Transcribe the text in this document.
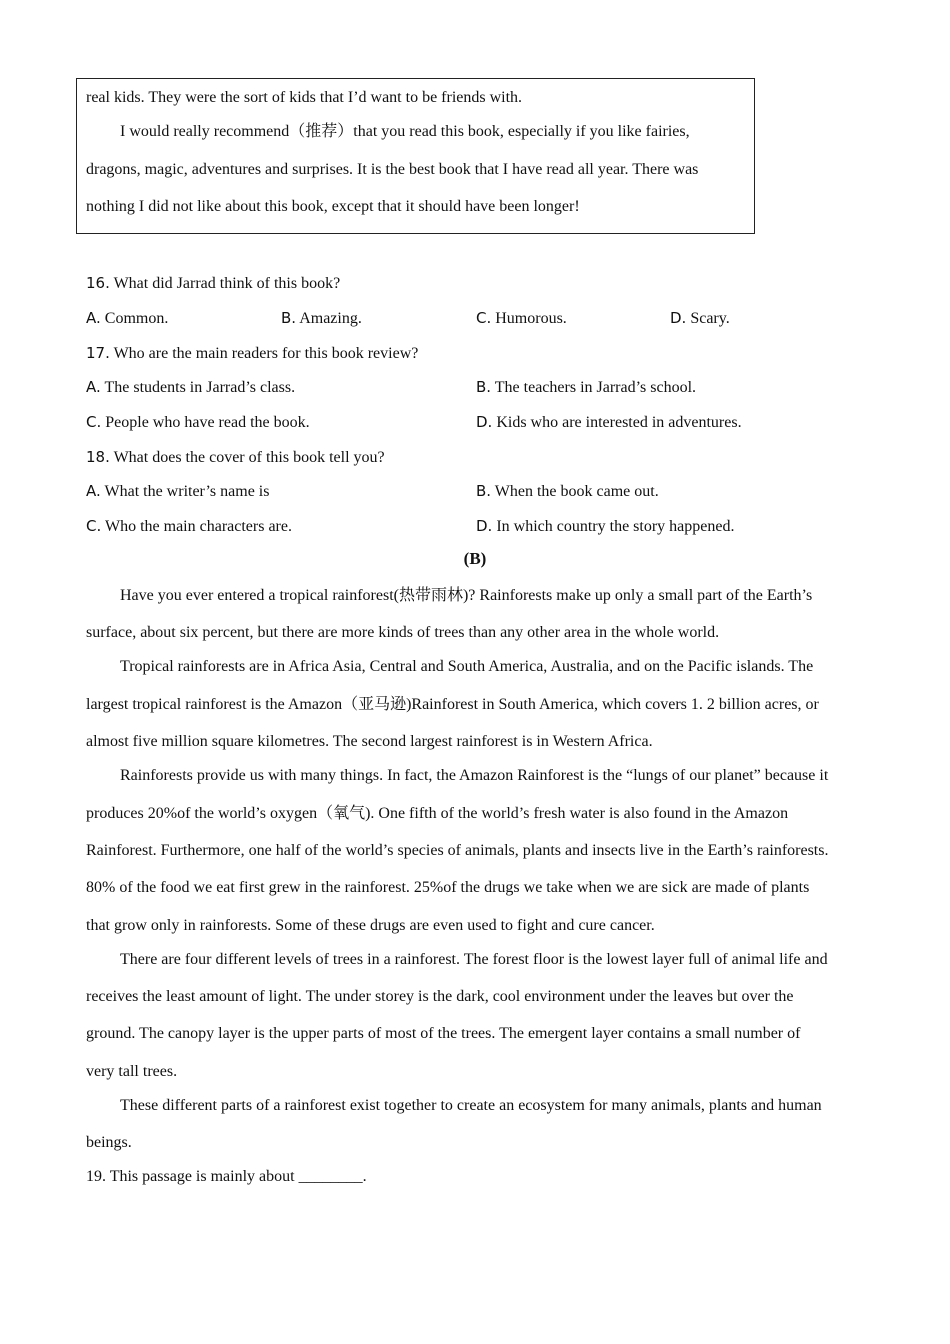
real kids. They were the sort of kids that I’d want to be friends with.
I would really recommend（推荐）that you read this book, especially if you like fairies,
dragons, magic, adventures and surprises. It is the best book that I have read all year. There was
nothing I did not like about this book, except that it should have been longer!
16. What did Jarrad think of this book?
A. Common.	B. Amazing.	C. Humorous.	D. Scary.
17. Who are the main readers for this book review?
A. The students in Jarrad’s class.	B. The teachers in Jarrad’s school.
C. People who have read the book.	D. Kids who are interested in adventures.
18. What does the cover of this book tell you?
A. What the writer’s name is	B. When the book came out.
C. Who the main characters are.	D. In which country the story happened.
(B)
Have you ever entered a tropical rainforest(热带雨林)? Rainforests make up only a small part of the Earth’s
surface, about six percent, but there are more kinds of trees than any other area in the whole world.
Tropical rainforests are in Africa Asia, Central and South America, Australia, and on the Pacific islands. The
largest tropical rainforest is the Amazon（亚马逊)Rainforest in South America, which covers 1. 2 billion acres, or
almost five million square kilometres. The second largest rainforest is in Western Africa.
Rainforests provide us with many things. In fact, the Amazon Rainforest is the “lungs of our planet” because it
produces 20%of the world’s oxygen（氧气). One fifth of the world’s fresh water is also found in the Amazon
Rainforest. Furthermore, one half of the world’s species of animals, plants and insects live in the Earth’s rainforests.
80% of the food we eat first grew in the rainforest. 25%of the drugs we take when we are sick are made of plants
that grow only in rainforests. Some of these drugs are even used to fight and cure cancer.
There are four different levels of trees in a rainforest. The forest floor is the lowest layer full of animal life and
receives the least amount of light. The under storey is the dark, cool environment under the leaves but over the
ground. The canopy layer is the upper parts of most of the trees. The emergent layer contains a small number of
very tall trees.
These different parts of a rainforest exist together to create an ecosystem for many animals, plants and human
beings.
19. This passage is mainly about ________.
